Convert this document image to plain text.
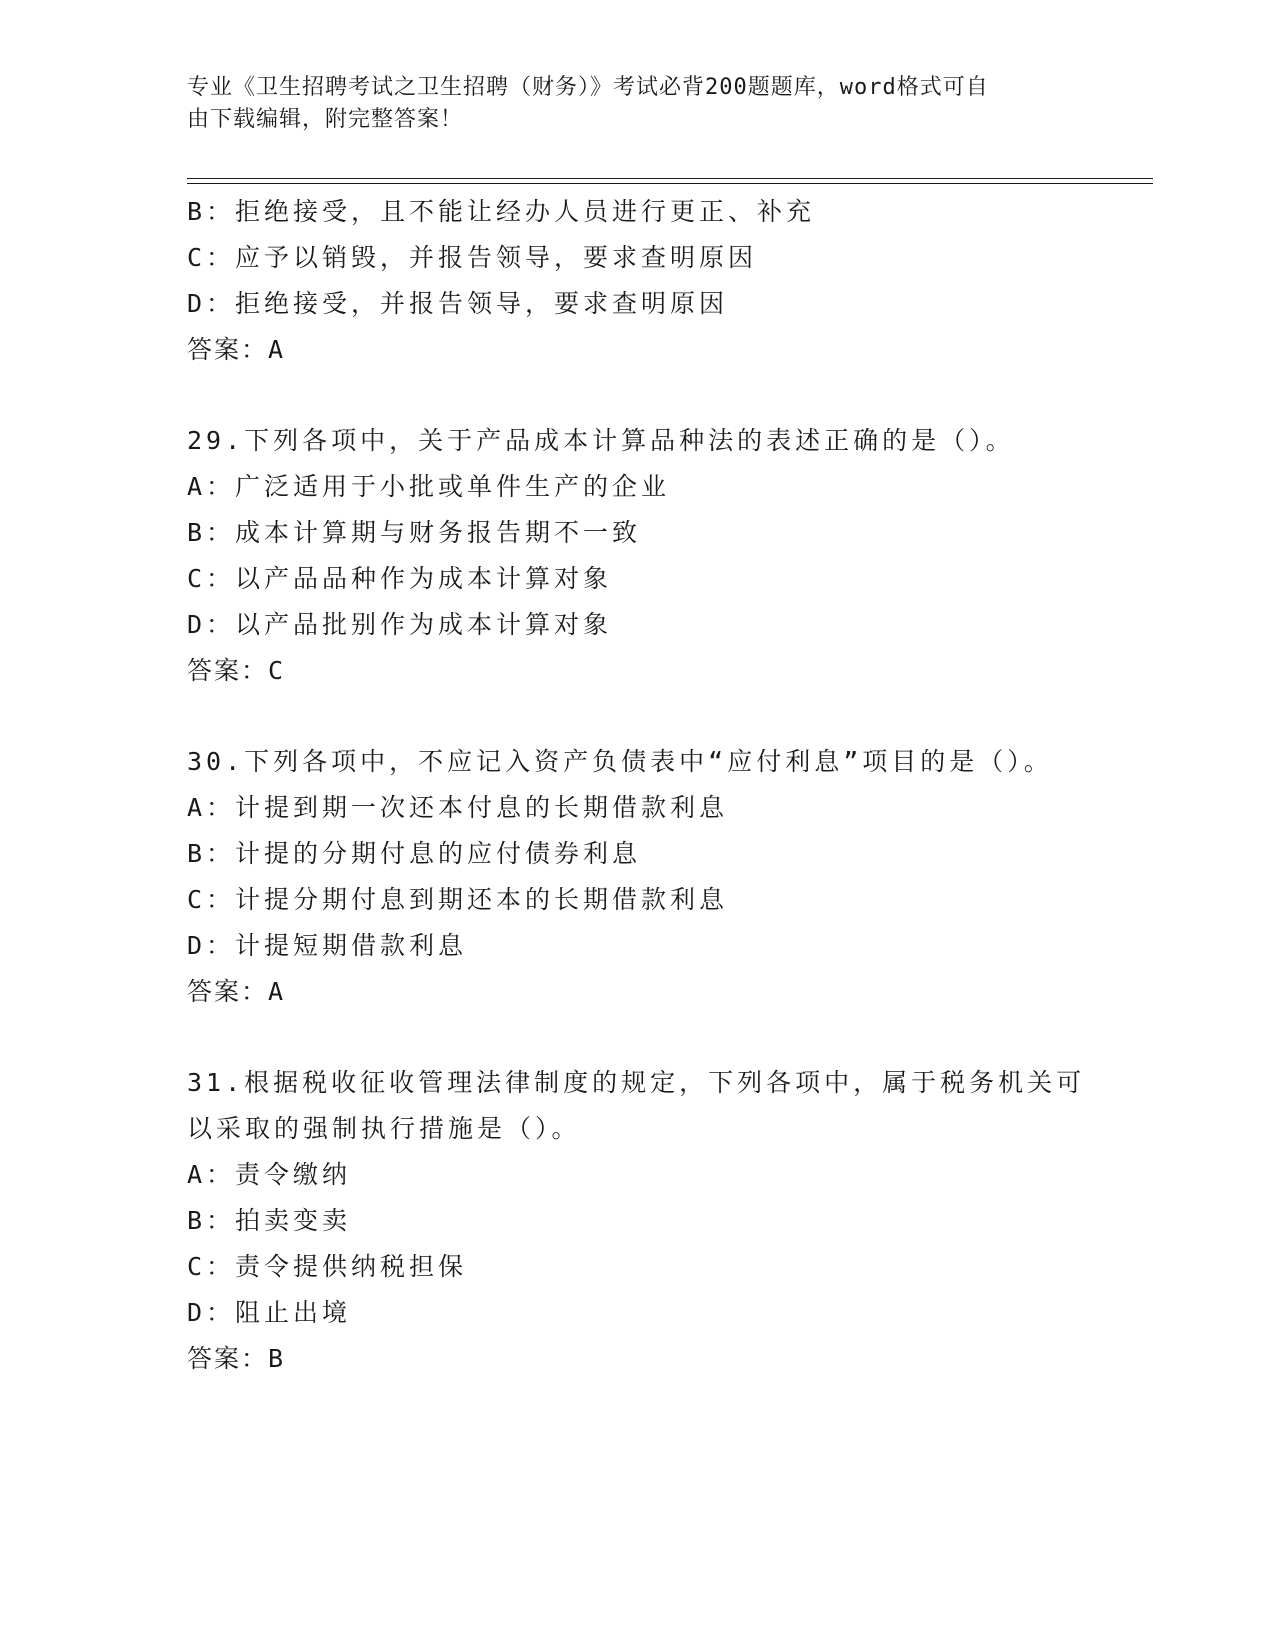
专业《卫生招聘考试之卫生招聘（财务）》考试必背200题题库，word格式可自
由下载编辑，附完整答案！
B：拒绝接受，且不能让经办人员进行更正、补充
C：应予以销毁，并报告领导，要求查明原因
D：拒绝接受，并报告领导，要求查明原因
答案：A
29.下列各项中，关于产品成本计算品种法的表述正确的是（）。
A：广泛适用于小批或单件生产的企业
B：成本计算期与财务报告期不一致
C：以产品品种作为成本计算对象
D：以产品批别作为成本计算对象
答案：C
30.下列各项中，不应记入资产负债表中“应付利息”项目的是（）。
A：计提到期一次还本付息的长期借款利息
B：计提的分期付息的应付债券利息
C：计提分期付息到期还本的长期借款利息
D：计提短期借款利息
答案：A
31.根据税收征收管理法律制度的规定，下列各项中，属于税务机关可
以采取的强制执行措施是（）。
A：责令缴纳
B：拍卖变卖
C：责令提供纳税担保
D：阻止出境
答案：B
